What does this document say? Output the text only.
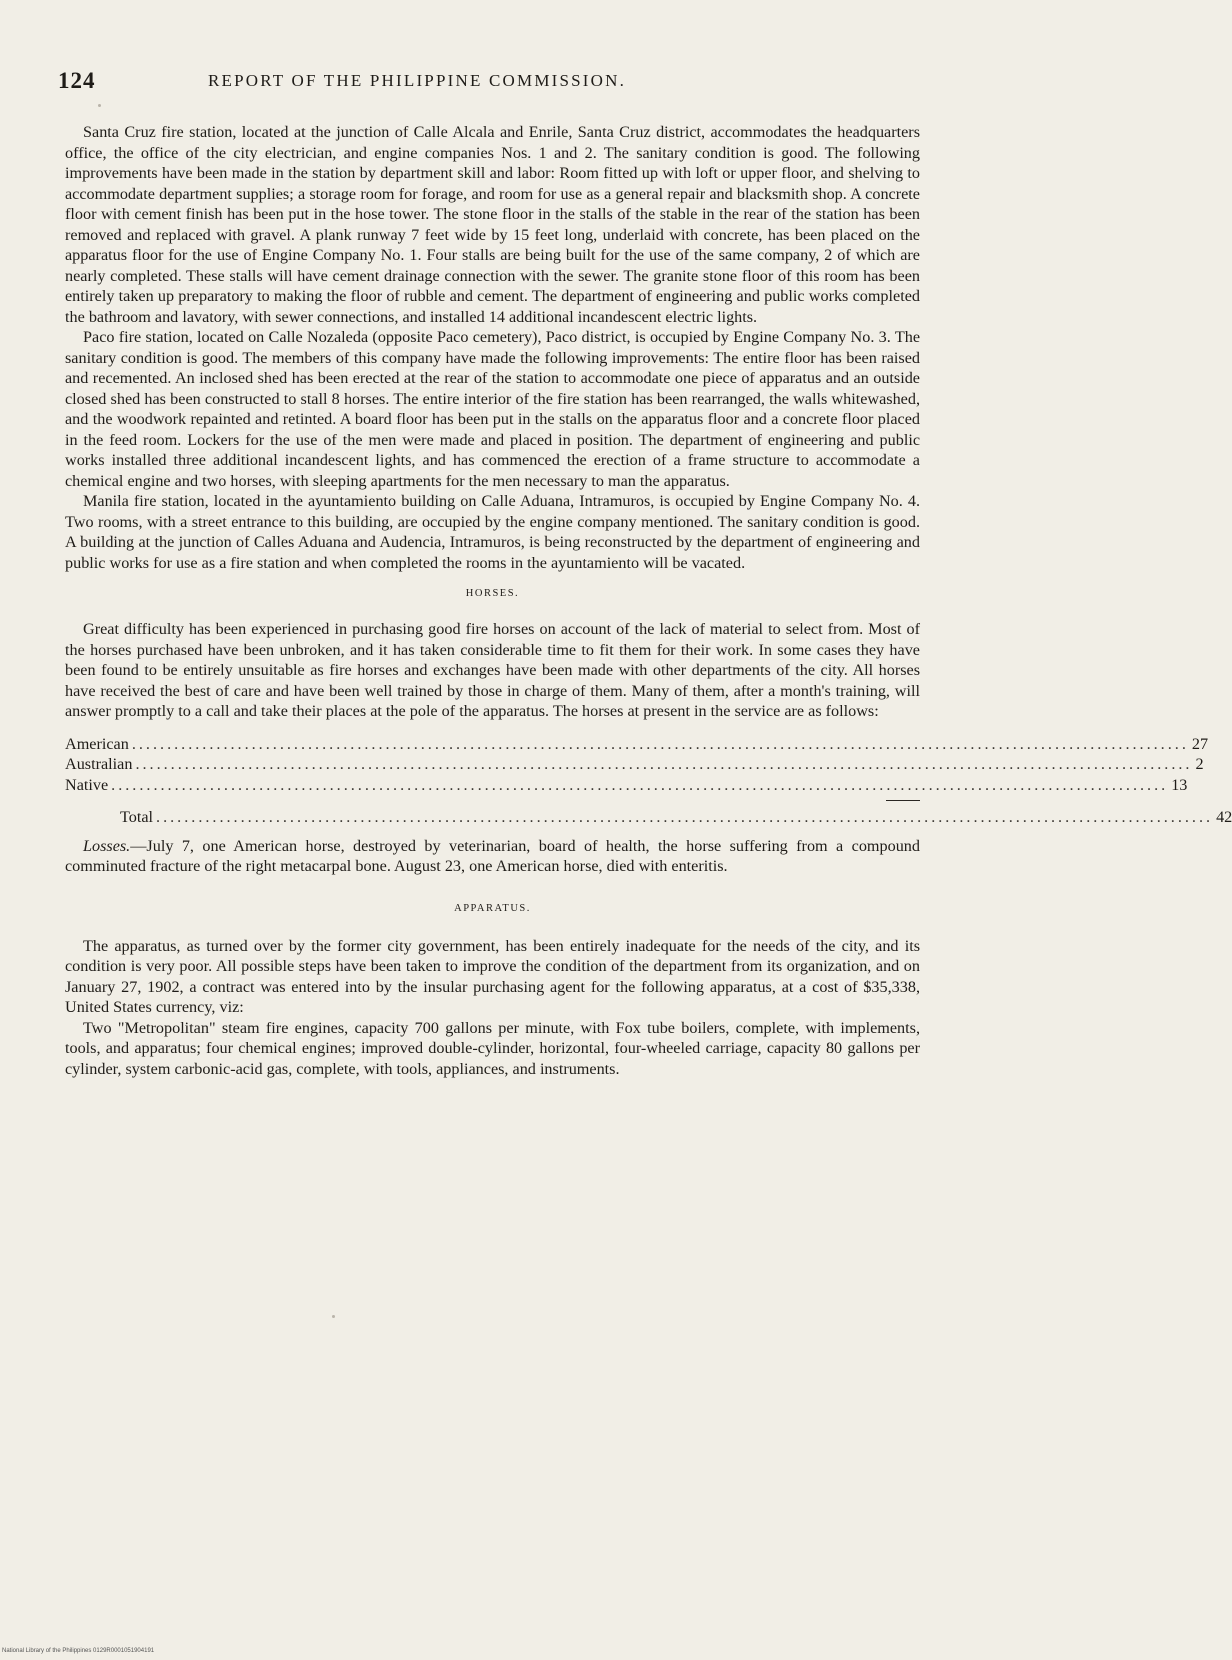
124	REPORT OF THE PHILIPPINE COMMISSION.

Santa Cruz fire station, located at the junction of Calle Alcala and Enrile, Santa Cruz district, accommodates the headquarters office, the office of the city electrician, and engine companies Nos. 1 and 2. The sanitary condition is good. The following improvements have been made in the station by department skill and labor: Room fitted up with loft or upper floor, and shelving to accommodate department supplies; a storage room for forage, and room for use as a general repair and blacksmith shop. A concrete floor with cement finish has been put in the hose tower. The stone floor in the stalls of the stable in the rear of the station has been removed and replaced with gravel. A plank runway 7 feet wide by 15 feet long, underlaid with concrete, has been placed on the apparatus floor for the use of Engine Company No. 1. Four stalls are being built for the use of the same company, 2 of which are nearly completed. These stalls will have cement drainage connection with the sewer. The granite stone floor of this room has been entirely taken up preparatory to making the floor of rubble and cement. The department of engineering and public works completed the bathroom and lavatory, with sewer connections, and installed 14 additional incandescent electric lights.

Paco fire station, located on Calle Nozaleda (opposite Paco cemetery), Paco district, is occupied by Engine Company No. 3. The sanitary condition is good. The members of this company have made the following improvements: The entire floor has been raised and recemented. An inclosed shed has been erected at the rear of the station to accommodate one piece of apparatus and an outside closed shed has been constructed to stall 8 horses. The entire interior of the fire station has been rearranged, the walls whitewashed, and the woodwork repainted and retinted. A board floor has been put in the stalls on the apparatus floor and a concrete floor placed in the feed room. Lockers for the use of the men were made and placed in position. The department of engineering and public works installed three additional incandescent lights, and has commenced the erection of a frame structure to accommodate a chemical engine and two horses, with sleeping apartments for the men necessary to man the apparatus.

Manila fire station, located in the ayuntamiento building on Calle Aduana, Intramuros, is occupied by Engine Company No. 4. Two rooms, with a street entrance to this building, are occupied by the engine company mentioned. The sanitary condition is good. A building at the junction of Calles Aduana and Audencia, Intramuros, is being reconstructed by the department of engineering and public works for use as a fire station and when completed the rooms in the ayuntamiento will be vacated.

HORSES.

Great difficulty has been experienced in purchasing good fire horses on account of the lack of material to select from. Most of the horses purchased have been unbroken, and it has taken considerable time to fit them for their work. In some cases they have been found to be entirely unsuitable as fire horses and exchanges have been made with other departments of the city. All horses have received the best of care and have been well trained by those in charge of them. Many of them, after a month's training, will answer promptly to a call and take their places at the pole of the apparatus. The horses at present in the service are as follows:

American ...................................................................................................................................................... 27
Australian ...................................................................................................................................................... 2
Native ...................................................................................................................................................... 13
Total ...................................................................................................................................................... 42

Losses.—July 7, one American horse, destroyed by veterinarian, board of health, the horse suffering from a compound comminuted fracture of the right metacarpal bone. August 23, one American horse, died with enteritis.

APPARATUS.

The apparatus, as turned over by the former city government, has been entirely inadequate for the needs of the city, and its condition is very poor. All possible steps have been taken to improve the condition of the department from its organization, and on January 27, 1902, a contract was entered into by the insular purchasing agent for the following apparatus, at a cost of $35,338, United States currency, viz:

Two "Metropolitan" steam fire engines, capacity 700 gallons per minute, with Fox tube boilers, complete, with implements, tools, and apparatus; four chemical engines; improved double-cylinder, horizontal, four-wheeled carriage, capacity 80 gallons per cylinder, system carbonic-acid gas, complete, with tools, appliances, and instruments.

National Library of the Philippines 0129R0001051904191
